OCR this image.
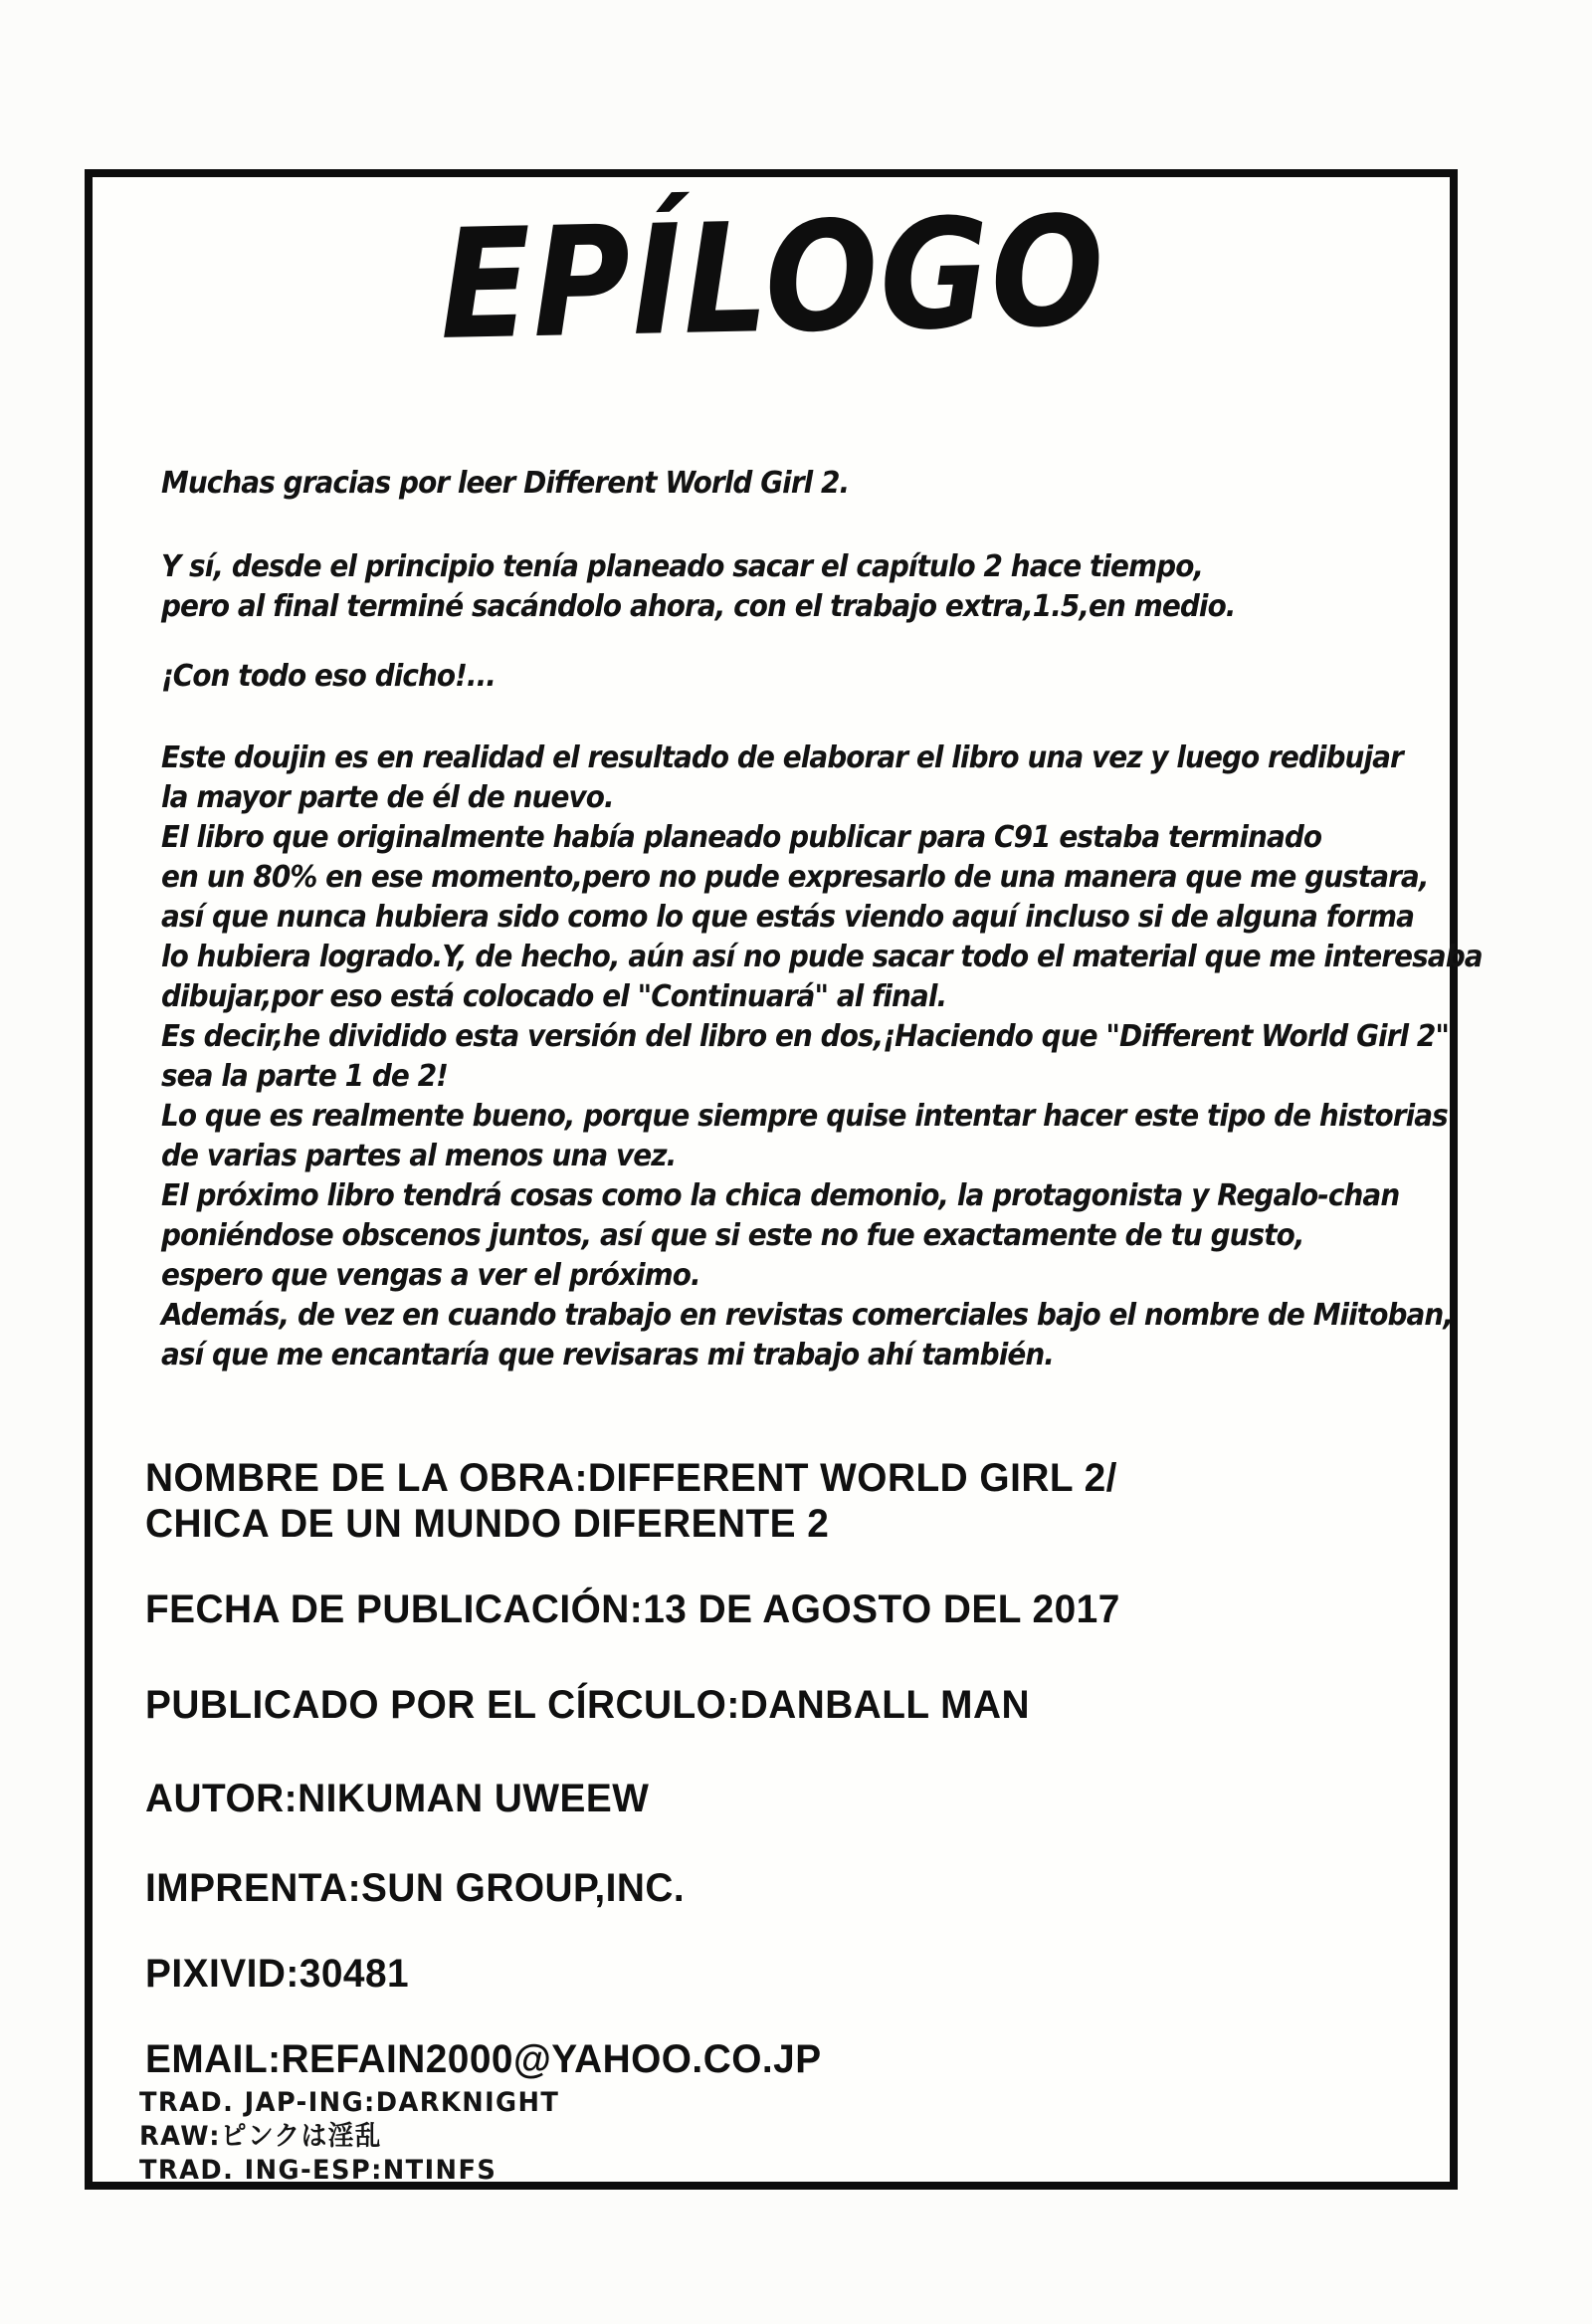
EPÍLOGO
Muchas gracias por leer Different World Girl 2.
Y sí, desde el principio tenía planeado sacar el capítulo 2 hace tiempo,
pero al final terminé sacándolo ahora, con el trabajo extra,1.5,en medio.
¡Con todo eso dicho!...
Este doujin es en realidad el resultado de elaborar el libro una vez y luego redibujar
la mayor parte de él de nuevo.
El libro que originalmente había planeado publicar para C91 estaba terminado
en un 80% en ese momento,pero no pude expresarlo de una manera que me gustara,
así que nunca hubiera sido como lo que estás viendo aquí incluso si de alguna forma
lo hubiera logrado.Y, de hecho, aún así no pude sacar todo el material que me interesaba
dibujar,por eso está colocado el "Continuará" al final.
Es decir,he dividido esta versión del libro en dos,¡Haciendo que "Different World Girl 2"
sea la parte 1 de 2!
Lo que es realmente bueno, porque siempre quise intentar hacer este tipo de historias
de varias partes al menos una vez.
El próximo libro tendrá cosas como la chica demonio, la protagonista y Regalo-chan
poniéndose obscenos juntos, así que si este no fue exactamente de tu gusto,
espero que vengas a ver el próximo.
Además, de vez en cuando trabajo en revistas comerciales bajo el nombre de Miitoban,
así que me encantaría que revisaras mi trabajo ahí también.
NOMBRE DE LA OBRA:DIFFERENT WORLD GIRL 2/
CHICA DE UN MUNDO DIFERENTE 2
FECHA DE PUBLICACIÓN:13 DE AGOSTO DEL 2017
PUBLICADO POR EL CÍRCULO:DANBALL MAN
AUTOR:NIKUMAN UWEEW
IMPRENTA:SUN GROUP,INC.
PIXIVID:30481
EMAIL:REFAIN2000@YAHOO.CO.JP
TRAD. JAP-ING:DARKNIGHT
RAW:ピンクは淫乱
TRAD. ING-ESP:NTINFS
